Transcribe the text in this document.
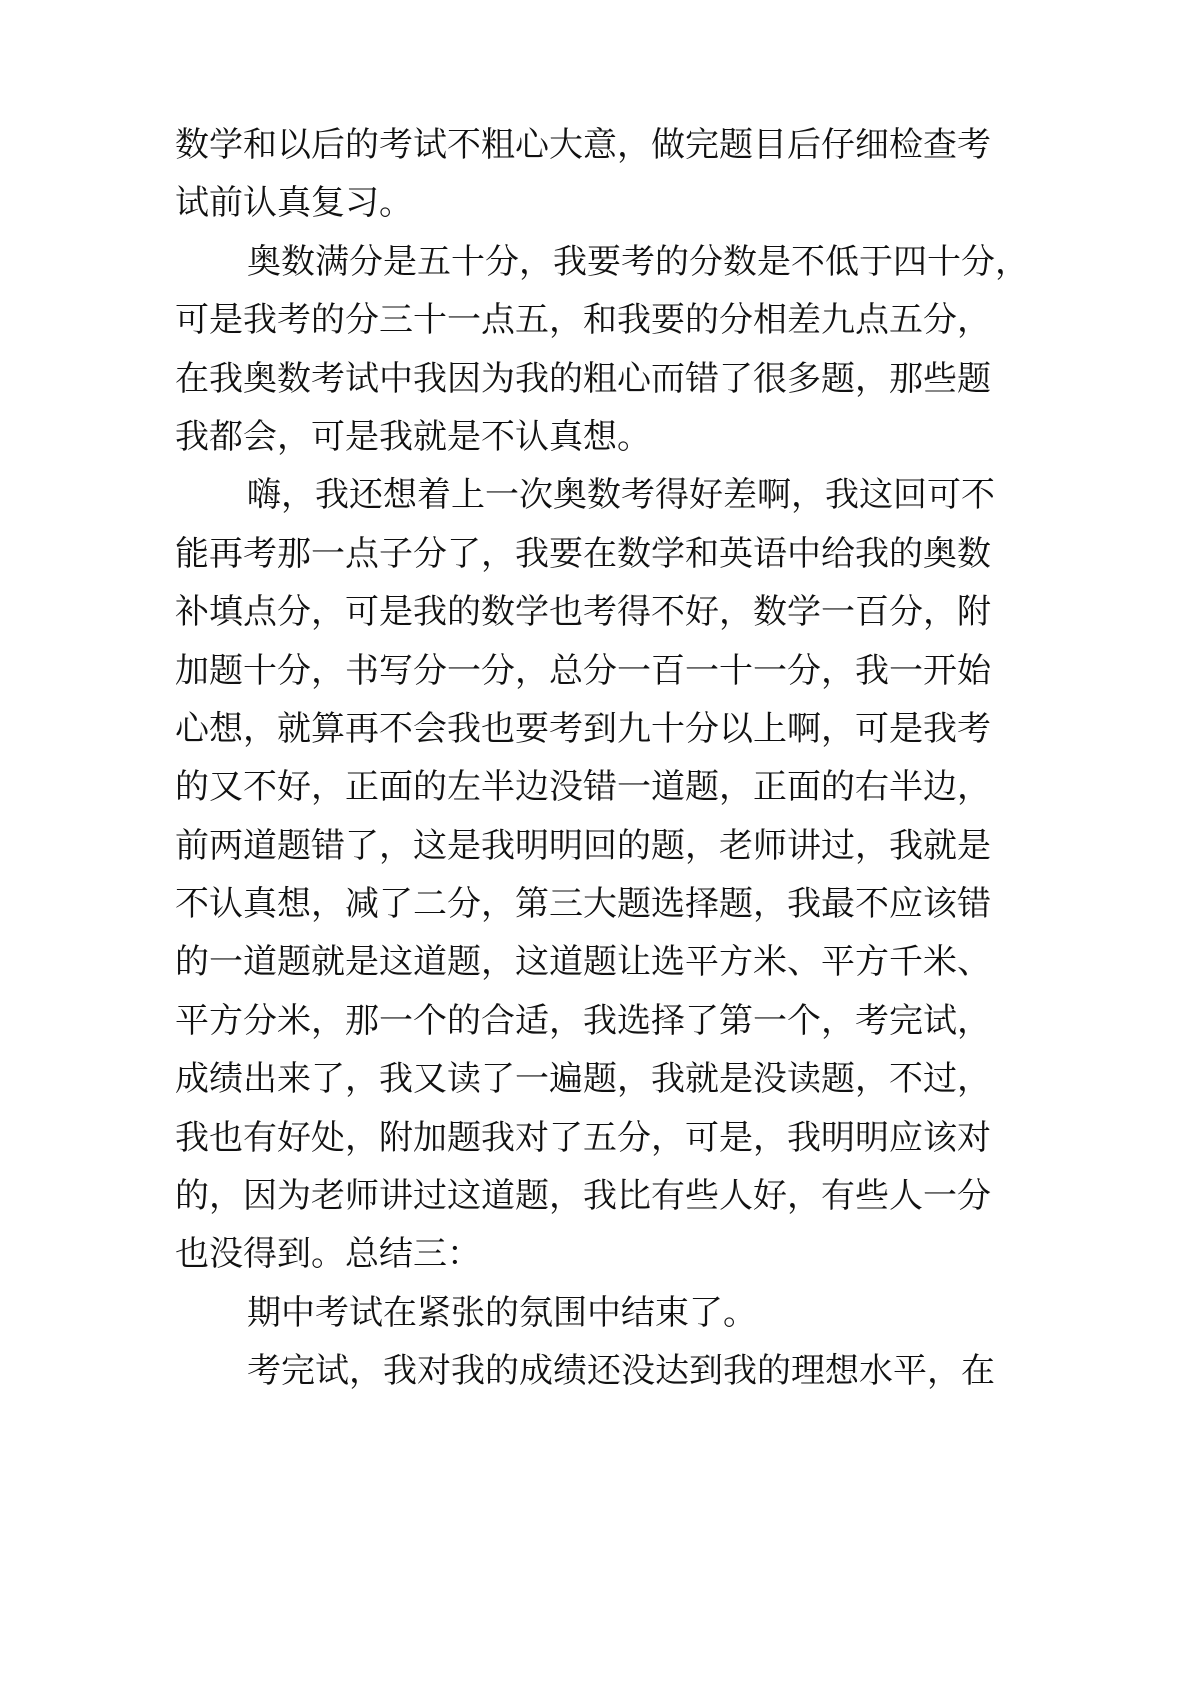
数学和以后的考试不粗心大意，做完题目后仔细检查考
试前认真复习。
奥数满分是五十分，我要考的分数是不低于四十分，
可是我考的分三十一点五，和我要的分相差九点五分，
在我奥数考试中我因为我的粗心而错了很多题，那些题
我都会，可是我就是不认真想。
嗨，我还想着上一次奥数考得好差啊，我这回可不
能再考那一点子分了，我要在数学和英语中给我的奥数
补填点分，可是我的数学也考得不好，数学一百分，附
加题十分，书写分一分，总分一百一十一分，我一开始
心想，就算再不会我也要考到九十分以上啊，可是我考
的又不好，正面的左半边没错一道题，正面的右半边，
前两道题错了，这是我明明回的题，老师讲过，我就是
不认真想，减了二分，第三大题选择题，我最不应该错
的一道题就是这道题，这道题让选平方米、平方千米、
平方分米，那一个的合适，我选择了第一个，考完试，
成绩出来了，我又读了一遍题，我就是没读题，不过，
我也有好处，附加题我对了五分，可是，我明明应该对
的，因为老师讲过这道题，我比有些人好，有些人一分
也没得到。总结三：
期中考试在紧张的氛围中结束了。
考完试，我对我的成绩还没达到我的理想水平，在
